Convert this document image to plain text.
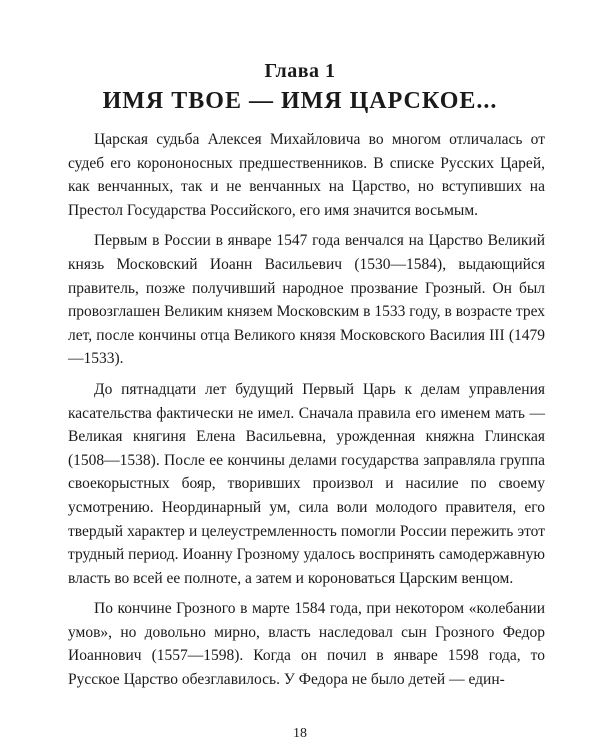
Глава 1
ИМЯ ТВОЕ — ИМЯ ЦАРСКОЕ...

Царская судьба Алексея Михайловича во многом отличалась от судеб его корононосных предшественников. В списке Русских Царей, как венчанных, так и не венчанных на Царство, но вступивших на Престол Государства Российского, его имя значится восьмым.

Первым в России в январе 1547 года венчался на Царство Великий князь Московский Иоанн Васильевич (1530—1584), выдающийся правитель, позже получивший народное прозвание Грозный. Он был провозглашен Великим князем Московским в 1533 году, в возрасте трех лет, после кончины отца Великого князя Московского Василия III (1479—1533).

До пятнадцати лет будущий Первый Царь к делам управления касательства фактически не имел. Сначала правила его именем мать — Великая княгиня Елена Васильевна, урожденная княжна Глинская (1508—1538). После ее кончины делами государства заправляла группа своекорыстных бояр, творивших произвол и насилие по своему усмотрению. Неординарный ум, сила воли молодого правителя, его твердый характер и целеустремленность помогли России пережить этот трудный период. Иоанну Грозному удалось воспринять самодержавную власть во всей ее полноте, а затем и короноваться Царским венцом.

По кончине Грозного в марте 1584 года, при некотором «колебании умов», но довольно мирно, власть наследовал сын Грозного Федор Иоаннович (1557—1598). Когда он почил в январе 1598 года, то Русское Царство обезглавилось. У Федора не было детей — един-

18
